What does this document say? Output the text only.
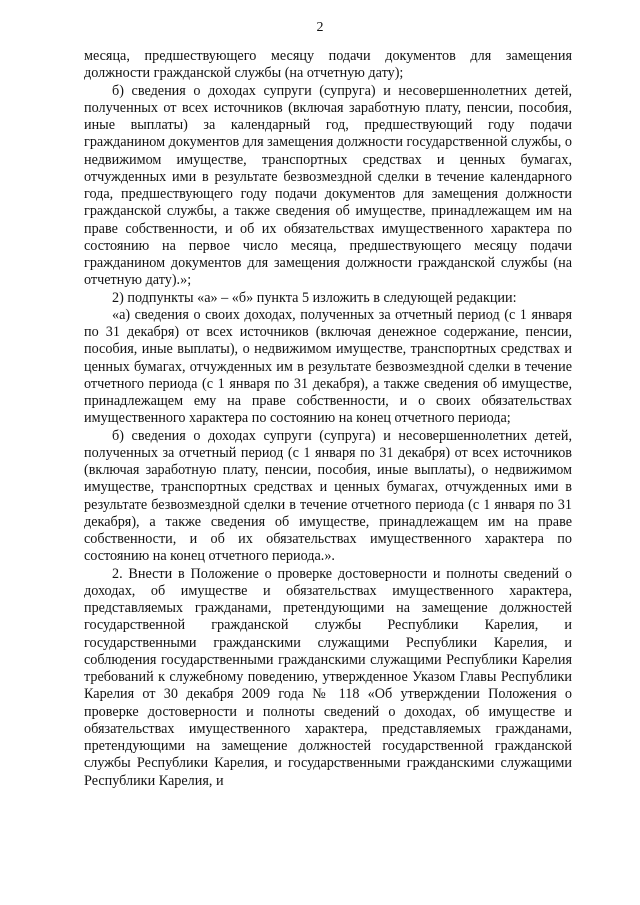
2

месяца, предшествующего месяцу подачи документов для замещения должности гражданской службы (на отчетную дату);

б) сведения о доходах супруги (супруга) и несовершеннолетних детей, полученных от всех источников (включая заработную плату, пенсии, пособия, иные выплаты) за календарный год, предшествующий году подачи гражданином документов для замещения должности государственной службы, о недвижимом имуществе, транспортных средствах и ценных бумагах, отчужденных ими в результате безвозмездной сделки в течение календарного года, предшествующего году подачи документов для замещения должности гражданской службы, а также сведения об имуществе, принадлежащем им на праве собственности, и об их обязательствах имущественного характера по состоянию на первое число месяца, предшествующего месяцу подачи гражданином документов для замещения должности гражданской службы (на отчетную дату).»;

2) подпункты «а» – «б» пункта 5 изложить в следующей редакции:

«а) сведения о своих доходах, полученных за отчетный период (с 1 января по 31 декабря) от всех источников (включая денежное содержание, пенсии, пособия, иные выплаты), о недвижимом имуществе, транспортных средствах и ценных бумагах, отчужденных им в результате безвозмездной сделки в течение отчетного периода (с 1 января по 31 декабря), а также сведения об имуществе, принадлежащем ему на праве собственности, и о своих обязательствах имущественного характера по состоянию на конец отчетного периода;

б) сведения о доходах супруги (супруга) и несовершеннолетних детей, полученных за отчетный период (с 1 января по 31 декабря) от всех источников (включая заработную плату, пенсии, пособия, иные выплаты), о недвижимом имуществе, транспортных средствах и ценных бумагах, отчужденных ими в результате безвозмездной сделки в течение отчетного периода (с 1 января по 31 декабря), а также сведения об имуществе, принадлежащем им на праве собственности, и об их обязательствах имущественного характера по состоянию на конец отчетного периода.».

2. Внести в Положение о проверке достоверности и полноты сведений о доходах, об имуществе и обязательствах имущественного характера, представляемых гражданами, претендующими на замещение должностей государственной гражданской службы Республики Карелия, и государственными гражданскими служащими Республики Карелия, и соблюдения государственными гражданскими служащими Республики Карелия требований к служебному поведению, утвержденное Указом Главы Республики Карелия от 30 декабря 2009 года № 118 «Об утверждении Положения о проверке достоверности и полноты сведений о доходах, об имуществе и обязательствах имущественного характера, представляемых гражданами, претендующими на замещение должностей государственной гражданской службы Республики Карелия, и государственными гражданскими служащими Республики Карелия, и
